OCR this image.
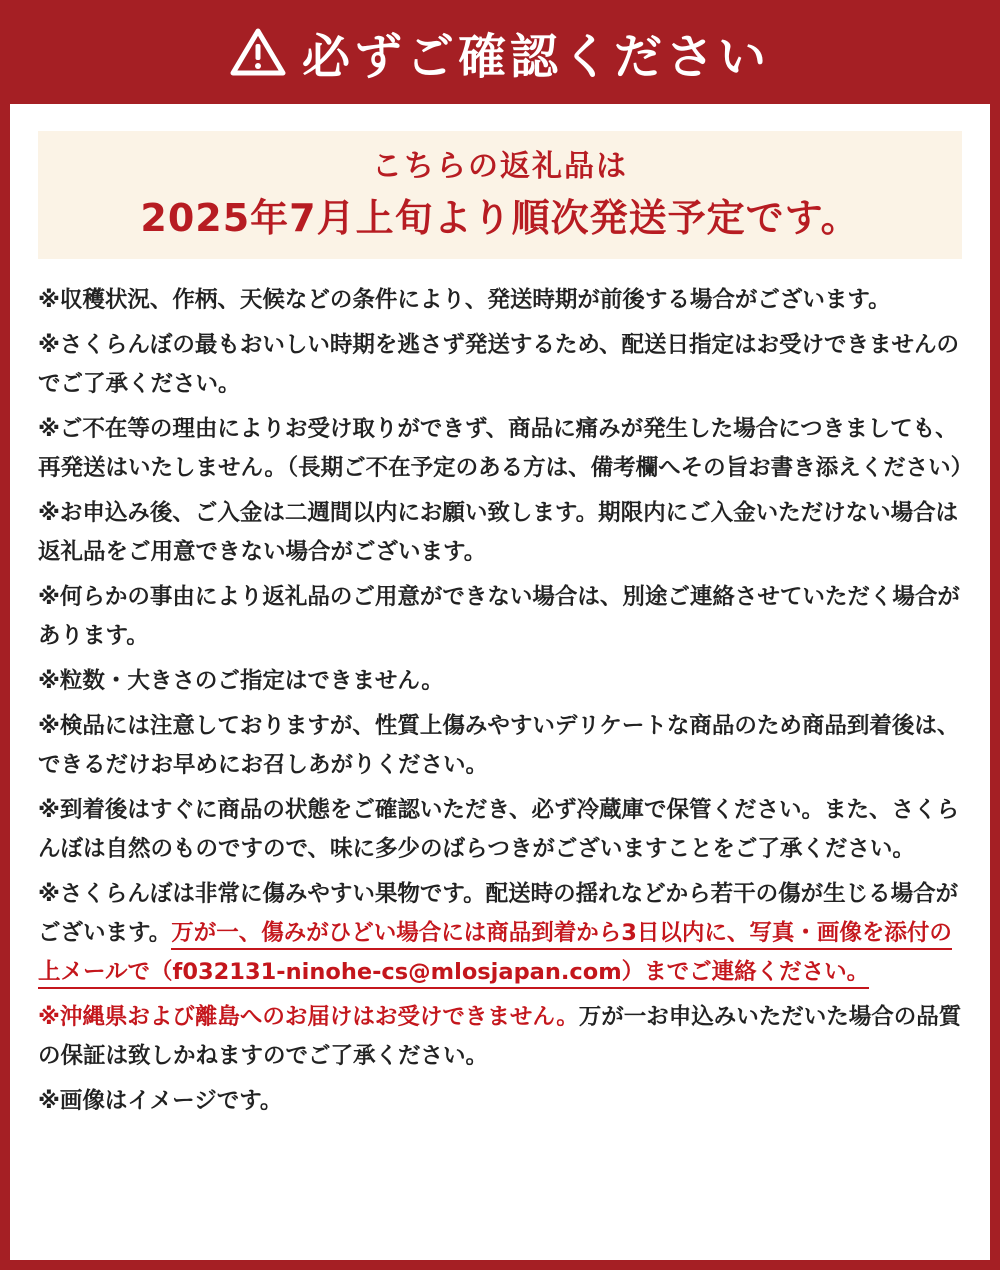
必ずご確認ください
こちらの返礼品は
2025年7月上旬より順次発送予定です。

※収穫状況、作柄、天候などの条件により、発送時期が前後する場合がございます。

※さくらんぼの最もおいしい時期を逃さず発送するため、配送日指定はお受けできませんのでご了承ください。

※ご不在等の理由によりお受け取りができず、商品に痛みが発生した場合につきましても、再発送はいたしません。（長期ご不在予定のある方は、備考欄へその旨お書き添えください）

※お申込み後、ご入金は二週間以内にお願い致します。期限内にご入金いただけない場合は返礼品をご用意できない場合がございます。

※何らかの事由により返礼品のご用意ができない場合は、別途ご連絡させていただく場合があります。

※粒数・大きさのご指定はできません。

※検品には注意しておりますが、性質上傷みやすいデリケートな商品のため商品到着後は、できるだけお早めにお召しあがりください。

※到着後はすぐに商品の状態をご確認いただき、必ず冷蔵庫で保管ください。また、さくらんぼは自然のものですので、味に多少のばらつきがございますことをご了承ください。

※さくらんぼは非常に傷みやすい果物です。配送時の揺れなどから若干の傷が生じる場合がございます。万が一、傷みがひどい場合には商品到着から3日以内に、写真・画像を添付の上メールで（f032131-ninohe-cs@mlosjapan.com）までご連絡ください。

※沖縄県および離島へのお届けはお受けできません。万が一お申込みいただいた場合の品質の保証は致しかねますのでご了承ください。

※画像はイメージです。
